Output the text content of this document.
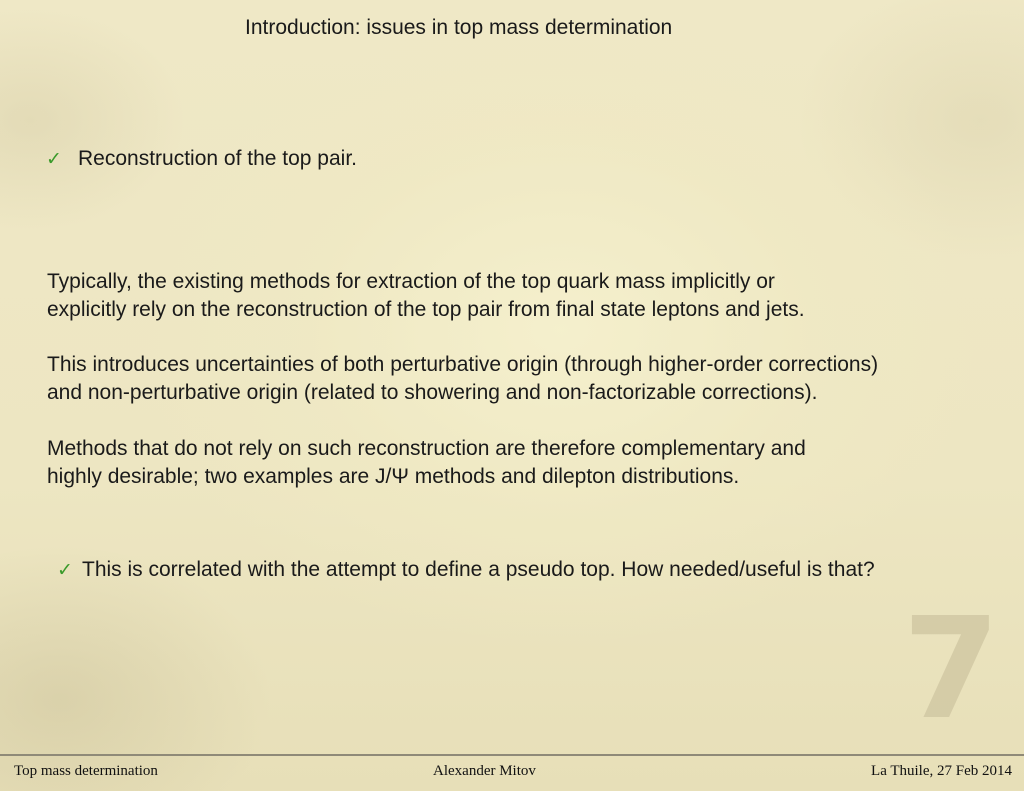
Introduction: issues in top mass determination
✓ Reconstruction of the top pair.

Typically, the existing methods for extraction of the top quark mass implicitly or

explicitly rely on the reconstruction of the top pair from final state leptons and jets.

This introduces uncertainties of both perturbative origin (through higher-order corrections)

and non-perturbative origin (related to showering and non-factorizable corrections).

Methods that do not rely on such reconstruction are therefore complementary and

highly desirable; two examples are J/Ψ methods and dilepton distributions.

✓ This is correlated with the attempt to define a pseudo top. How needed/useful is that?
7
Top mass determination	Alexander Mitov	La Thuile, 27 Feb 2014
